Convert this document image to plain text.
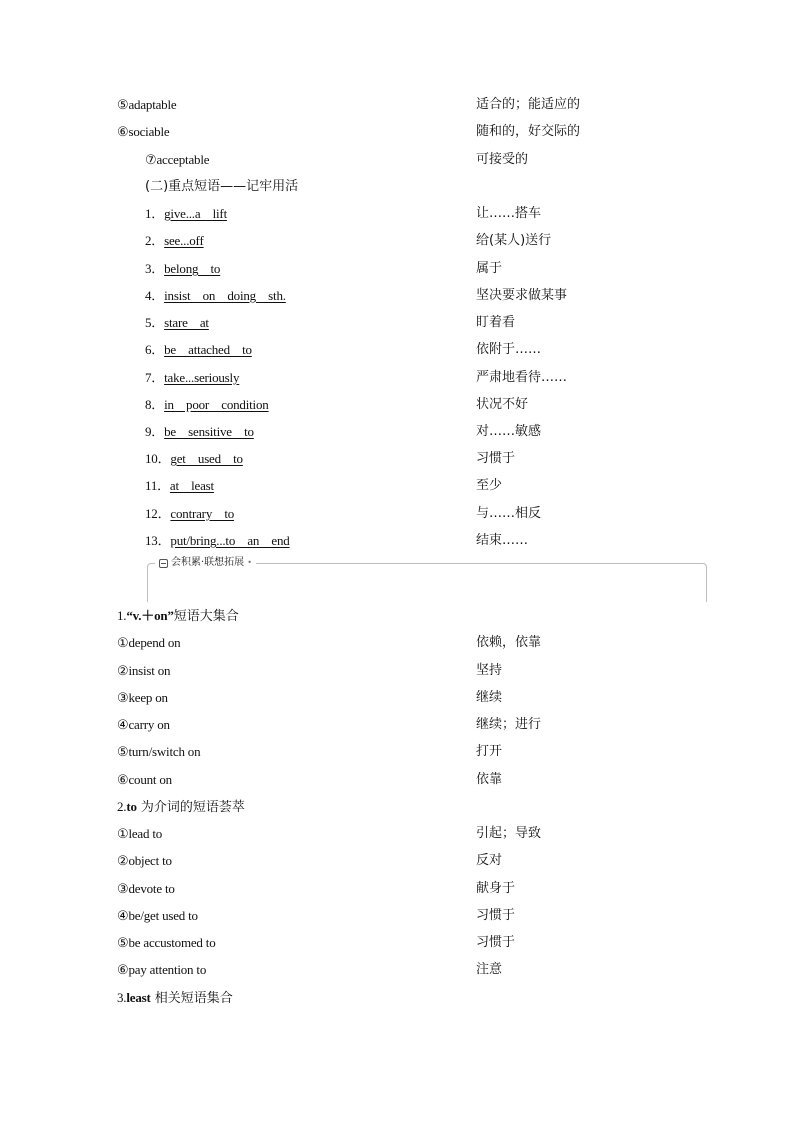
⑤adaptable	适合的；能适应的
⑥sociable	随和的，好交际的
⑦acceptable	可接受的
(二)重点短语——记牢用活
1．give...a    lift	让……搭车
2．see...off	给(某人)送行
3．belong    to	属于
4．insist    on    doing    sth.	坚决要求做某事
5．stare    at	盯着看
6．be    attached    to	依附于……
7．take...seriously	严肃地看待……
8．in    poor    condition	状况不好
9．be    sensitive    to	对……敏感
10．get    used    to	习惯于
11．at    least	至少
12．contrary    to	与……相反
13．put/bring...to    an    end	结束……
会积累·联想拓展 •
1.“v.＋on”短语大集合
①depend on	依赖，依靠
②insist on	坚持
③keep on	继续
④carry on	继续；进行
⑤turn/switch on	打开
⑥count on	依靠
2.to 为介词的短语荟萃
①lead to	引起；导致
②object to	反对
③devote to	献身于
④be/get used to	习惯于
⑤be accustomed to	习惯于
⑥pay attention to	注意
3.least 相关短语集合
